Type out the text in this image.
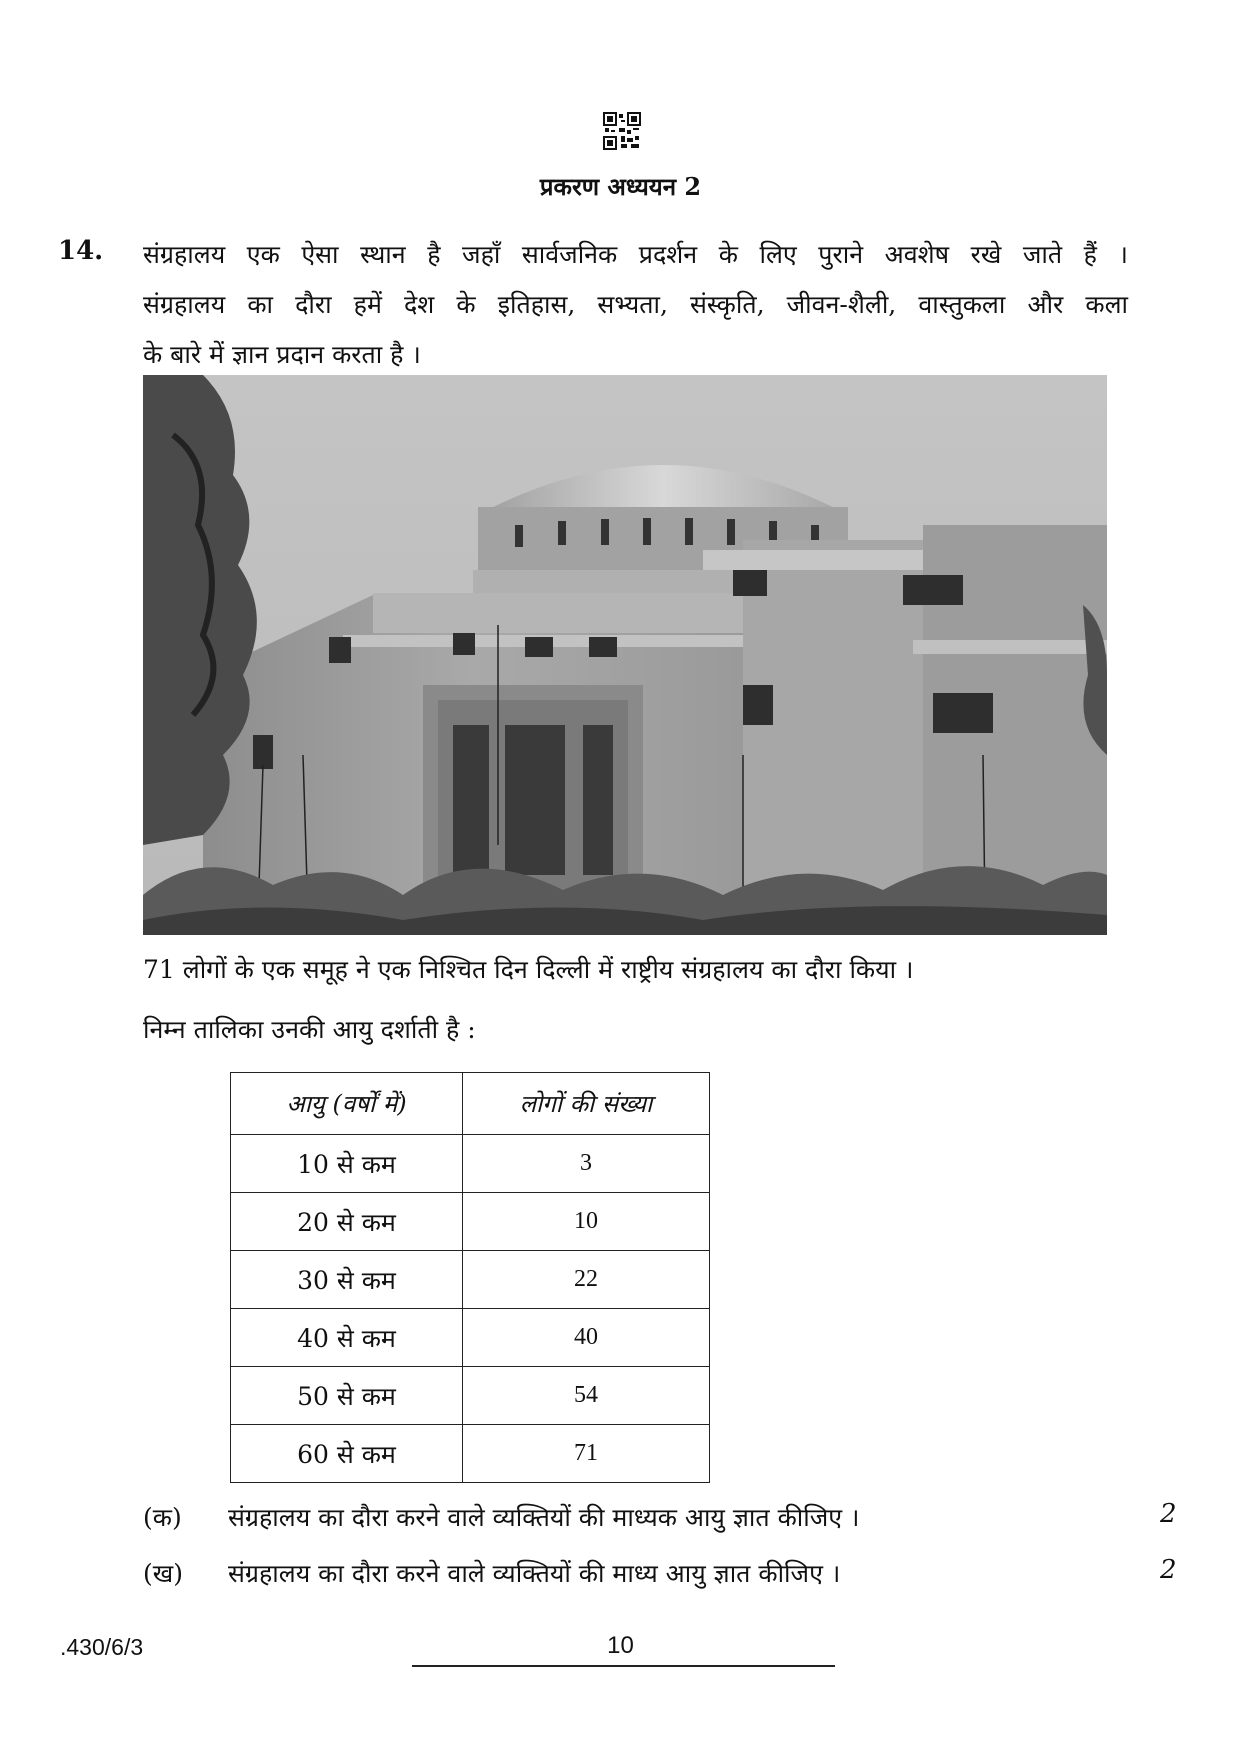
प्रकरण अध्ययन 2
14. संग्रहालय एक ऐसा स्थान है जहाँ सार्वजनिक प्रदर्शन के लिए पुराने अवशेष रखे जाते हैं ।
संग्रहालय का दौरा हमें देश के इतिहास, सभ्यता, संस्कृति, जीवन-शैली, वास्तुकला और कला
के बारे में ज्ञान प्रदान करता है ।
71 लोगों के एक समूह ने एक निश्चित दिन दिल्ली में राष्ट्रीय संग्रहालय का दौरा किया ।
निम्न तालिका उनकी आयु दर्शाती है :
आयु (वर्षों में)	लोगों की संख्या
10 से कम	3
20 से कम	10
30 से कम	22
40 से कम	40
50 से कम	54
60 से कम	71
(क) संग्रहालय का दौरा करने वाले व्यक्तियों की माध्यक आयु ज्ञात कीजिए ।	2
(ख) संग्रहालय का दौरा करने वाले व्यक्तियों की माध्य आयु ज्ञात कीजिए ।	2
.430/6/3	10
